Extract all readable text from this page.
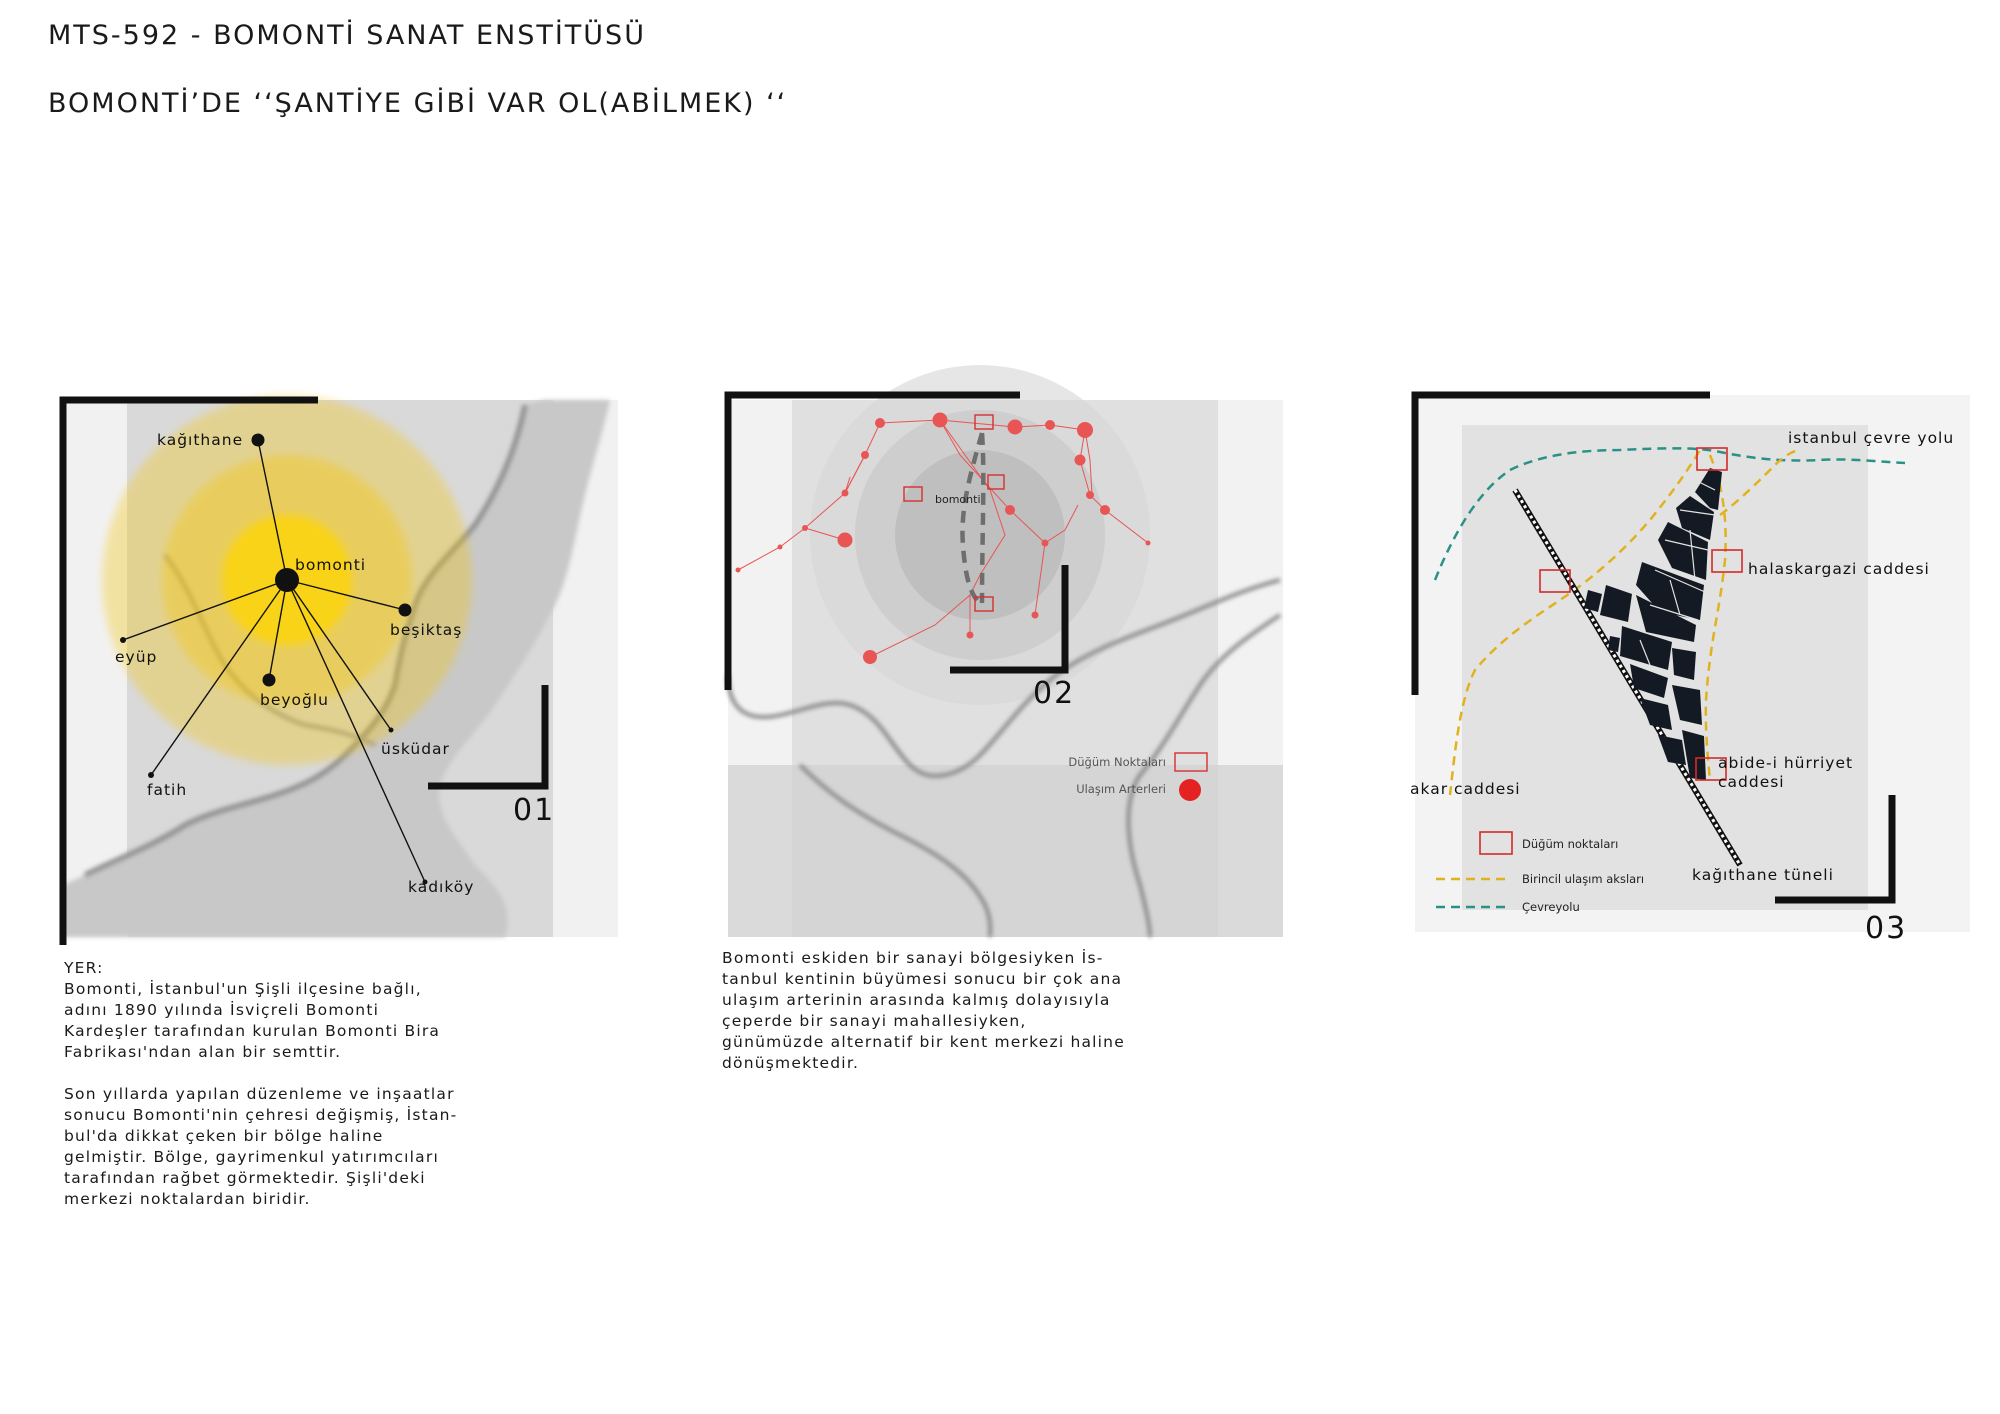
MTS-592 - BOMONTİ SANAT ENSTİTÜSÜ
BOMONTİ’DE ‘‘ŞANTİYE GİBİ VAR OL(ABİLMEK) ‘‘
01
kağıthane
bomonti
beşiktaş
eyüp
beyoğlu
üsküdar
fatih
kadıköy

YER:

Bomonti, İstanbul'un Şişli ilçesine bağlı,

adını 1890 yılında İsviçreli Bomonti

Kardeşler tarafından kurulan Bomonti Bira

Fabrikası'ndan alan bir semttir.

Son yıllarda yapılan düzenleme ve inşaatlar

sonucu Bomonti'nin çehresi değişmiş, İstan-

bul'da dikkat çeken bir bölge haline

gelmiştir. Bölge, gayrimenkul yatırımcıları

tarafından rağbet görmektedir. Şişli'deki

merkezi noktalardan biridir.

bomonti
02
Düğüm Noktaları
Ulaşım Arterleri

Bomonti eskiden bir sanayi bölgesiyken İs-

tanbul kentinin büyümesi sonucu bir çok ana

ulaşım arterinin arasında kalmış dolayısıyla

çeperde bir sanayi mahallesiyken,

günümüzde alternatif bir kent merkezi haline

dönüşmektedir.

03
istanbul çevre yolu
halaskargazi caddesi
abide-i hürriyet
caddesi
akar caddesi
kağıthane tüneli
Düğüm noktaları
Birincil ulaşım aksları
Çevreyolu
